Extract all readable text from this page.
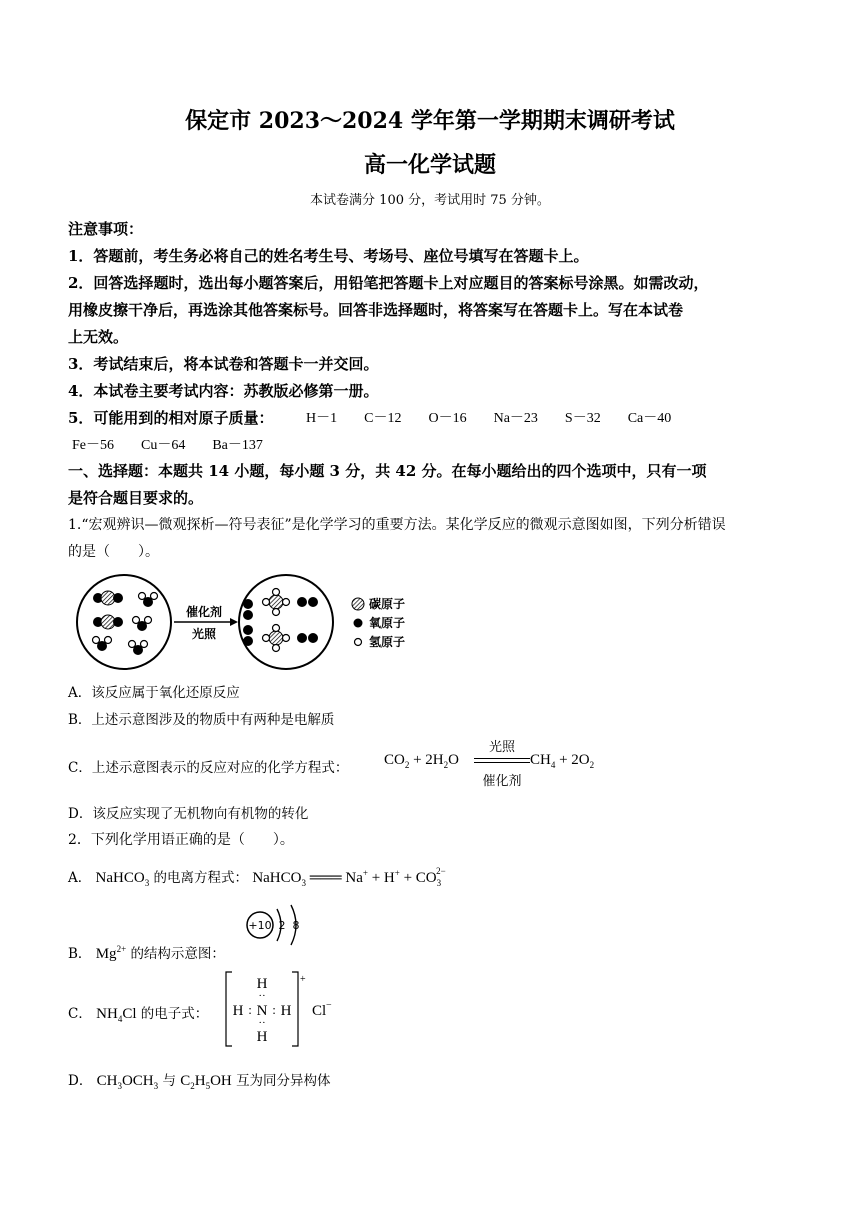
保定市 2023～2024 学年第一学期期末调研考试
高一化学试题
本试卷满分 100 分，考试用时 75 分钟。
注意事项：
1．答题前，考生务必将自己的姓名考生号、考场号、座位号填写在答题卡上。
2．回答选择题时，选出每小题答案后，用铅笔把答题卡上对应题目的答案标号涂黑。如需改动，
用橡皮擦干净后，再选涂其他答案标号。回答非选择题时，将答案写在答题卡上。写在本试卷
上无效。
3．考试结束后，将本试卷和答题卡一并交回。
4．本试卷主要考试内容：苏教版必修第一册。
5．可能用到的相对原子质量： H－1 C－12 O－16 Na－23 S－32 Ca－40
Fe－56 Cu－64 Ba－137
一、选择题：本题共 14 小题，每小题 3 分，共 42 分。在每小题给出的四个选项中，只有一项
是符合题目要求的。
1.“宏观辨识—微观探析—符号表征”是化学学习的重要方法。某化学反应的微观示意图如图，下列分析错误
的是（　　）。
催化剂
光照
碳原子
氧原子
氢原子
A．该反应属于氧化还原反应
B．上述示意图涉及的物质中有两种是电解质
C．上述示意图表示的反应对应的化学方程式： $CO_2 + 2H_2O$
光照
催化剂
$CH_4 + 2O_2$
D．该反应实现了无机物向有机物的转化
2．下列化学用语正确的是（　　）。
A． NaHCO$_3$ 的电离方程式： NaHCO$_3$ ═══ $Na^+ + H^+ + CO_3^{2-}$
B． $Mg^{2+}$ 的结构示意图：
+10 2 8
C． $NH_4Cl$ 的电子式：
+
H
··
H : N : H
··
H
Cl −
D． $CH_3OCH_3$ 与 $C_2H_5OH$ 互为同分异构体
